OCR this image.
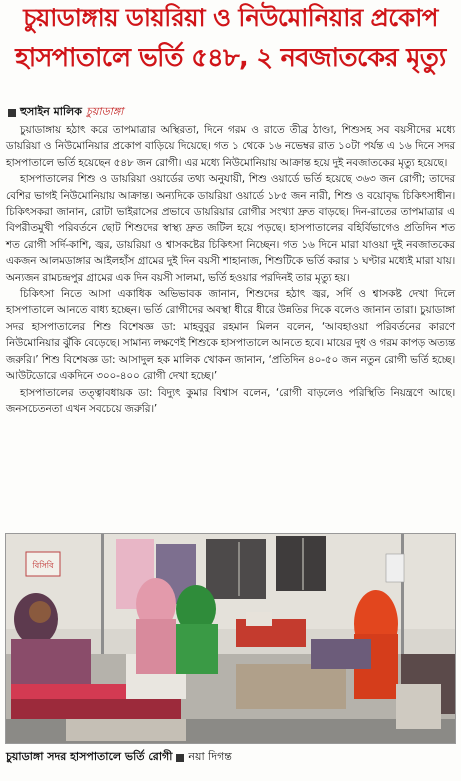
চুয়াডাঙ্গায় ডায়রিয়া ও নিউমোনিয়ার প্রকোপ
হাসপাতালে ভর্তি ৫৪৮, ২ নবজাতকের মৃত্যু
হুসাইন মালিক চুয়াডাঙ্গা

চুয়াডাঙ্গায় হঠাৎ করে তাপমাত্রার অস্থিরতা, দিনে গরম ও রাতে তীব্র ঠাণ্ডা, শিশুসহ সব বয়সীদের মধ্যে ডায়রিয়া ও নিউমোনিয়ার প্রকোপ বাড়িয়ে দিয়েছে। গত ১ থেকে ১৬ নভেম্বর রাত ১০টা পর্যন্ত এ ১৬ দিনে সদর হাসপাতালে ভর্তি হয়েছেন ৫৪৮ জন রোগী। এর মধ্যে নিউমোনিয়ায় আক্রান্ত হয়ে দুই নবজাতকের মৃত্যু হয়েছে।

হাসপাতালের শিশু ও ডায়রিয়া ওয়ার্ডের তথ্য অনুযায়ী, শিশু ওয়ার্ডে ভর্তি হয়েছে ৩৬৩ জন রোগী; তাদের বেশির ভাগই নিউমোনিয়ায় আক্রান্ত। অন্যদিকে ডায়রিয়া ওয়ার্ডে ১৮৫ জন নারী, শিশু ও বয়োবৃদ্ধ চিকিৎসাধীন। চিকিৎসকরা জানান, রোটা ভাইরাসের প্রভাবে ডায়রিয়ার রোগীর সংখ্যা দ্রুত বাড়ছে। দিন-রাতের তাপমাত্রার এ বিপরীতমুখী পরিবর্তনে ছোট শিশুদের স্বাস্থ্য দ্রুত জটিল হয়ে পড়ছে। হাসপাতালের বহির্বিভাগেও প্রতিদিন শত শত রোগী সর্দি-কাশি, জ্বর, ডায়রিয়া ও শ্বাসকষ্টের চিকিৎসা নিচ্ছেন। গত ১৬ দিনে মারা যাওয়া দুই নবজাতকের একজন আলমডাঙ্গার আইলহাঁস গ্রামের দুই দিন বয়সী শাহানাজ, শিশুটিকে ভর্তি করার ১ ঘণ্টার মধ্যেই মারা যায়। অন্যজন রামচন্দ্রপুর গ্রামের এক দিন বয়সী সালমা, ভর্তি হওয়ার পরদিনই তার মৃত্যু হয়।

চিকিৎসা নিতে আসা একাধিক অভিভাবক জানান, শিশুদের হঠাৎ জ্বর, সর্দি ও শ্বাসকষ্ট দেখা দিলে হাসপাতালে আনতে বাধ্য হচ্ছেন। ভর্তি রোগীদের অবস্থা ধীরে ধীরে উন্নতির দিকে বলেও জানান তারা। চুয়াডাঙ্গা সদর হাসপাতালের শিশু বিশেষজ্ঞ ডা: মাহবুবুর রহমান মিলন বলেন, ‘আবহাওয়া পরিবর্তনের কারণে নিউমোনিয়ার ঝুঁকি বেড়েছে। সামান্য লক্ষণেই শিশুকে হাসপাতালে আনতে হবে। মায়ের দুধ ও গরম কাপড় অত্যন্ত জরুরি।’ শিশু বিশেষজ্ঞ ডা: আসাদুল হক মালিক খোকন জানান, ‘প্রতিদিন ৪০-৫০ জন নতুন রোগী ভর্তি হচ্ছে। আউটডোরে একদিনে ৩০০-৪০০ রোগী দেখা হচ্ছে।’

হাসপাতালের তত্ত্বাবধায়ক ডা: বিদ্যুৎ কুমার বিশ্বাস বলেন, ‘রোগী বাড়লেও পরিস্থিতি নিয়ন্ত্রণে আছে। জনসচেতনতা এখন সবচেয়ে জরুরি।’

বিসিবি
চুয়াডাঙ্গা সদর হাসপাতালে ভর্তি রোগী নয়া দিগন্ত
